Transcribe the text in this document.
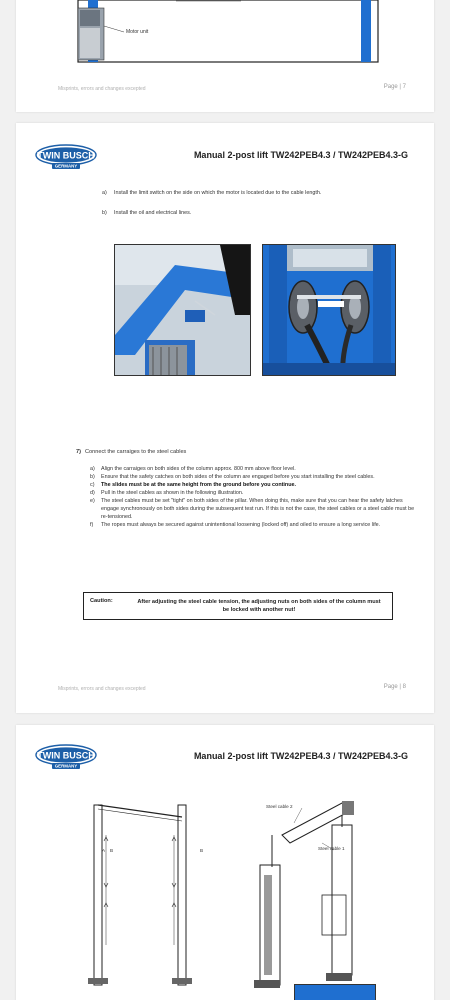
Motor unit
Misprints, errors and changes excepted	Page | 7
TWIN BUSCH
GERMANY
Manual 2-post lift TW242PEB4.3 / TW242PEB4.3-G
a) Install the limit switch on the side on which the motor is located due to the cable length.
b) Install the oil and electrical lines.
7) Connect the carraiges to the steel cables
a)	Align the carraiges on both sides of the column approx. 800 mm above floor level.
b)	Ensure that the safety catches on both sides of the column are engaged before you start installing the steel cables.
c)	The slides must be at the same height from the ground before you continue.
d)	Pull in the steel cables as shown in the following illustration.
e)	The steel cables must be set "tight" on both sides of the pillar. When doing this, make sure that you can hear the safety latches engage synchronously on both sides during the subsequent test run. If this is not the case, the steel cables or a steel cable must be re-tensioned.
f)	The ropes must always be secured against unintentional loosening (locked off) and oiled to ensure a long service life.
Caution:	After adjusting the steel cable tension, the adjusting nuts on both sides of the column must be locked with another nut!
Misprints, errors and changes excepted	Page | 8
TWIN BUSCH
GERMANY
Manual 2-post lift TW242PEB4.3 / TW242PEB4.3-G
A B	B
Steel cable 2
Steel cable 1
